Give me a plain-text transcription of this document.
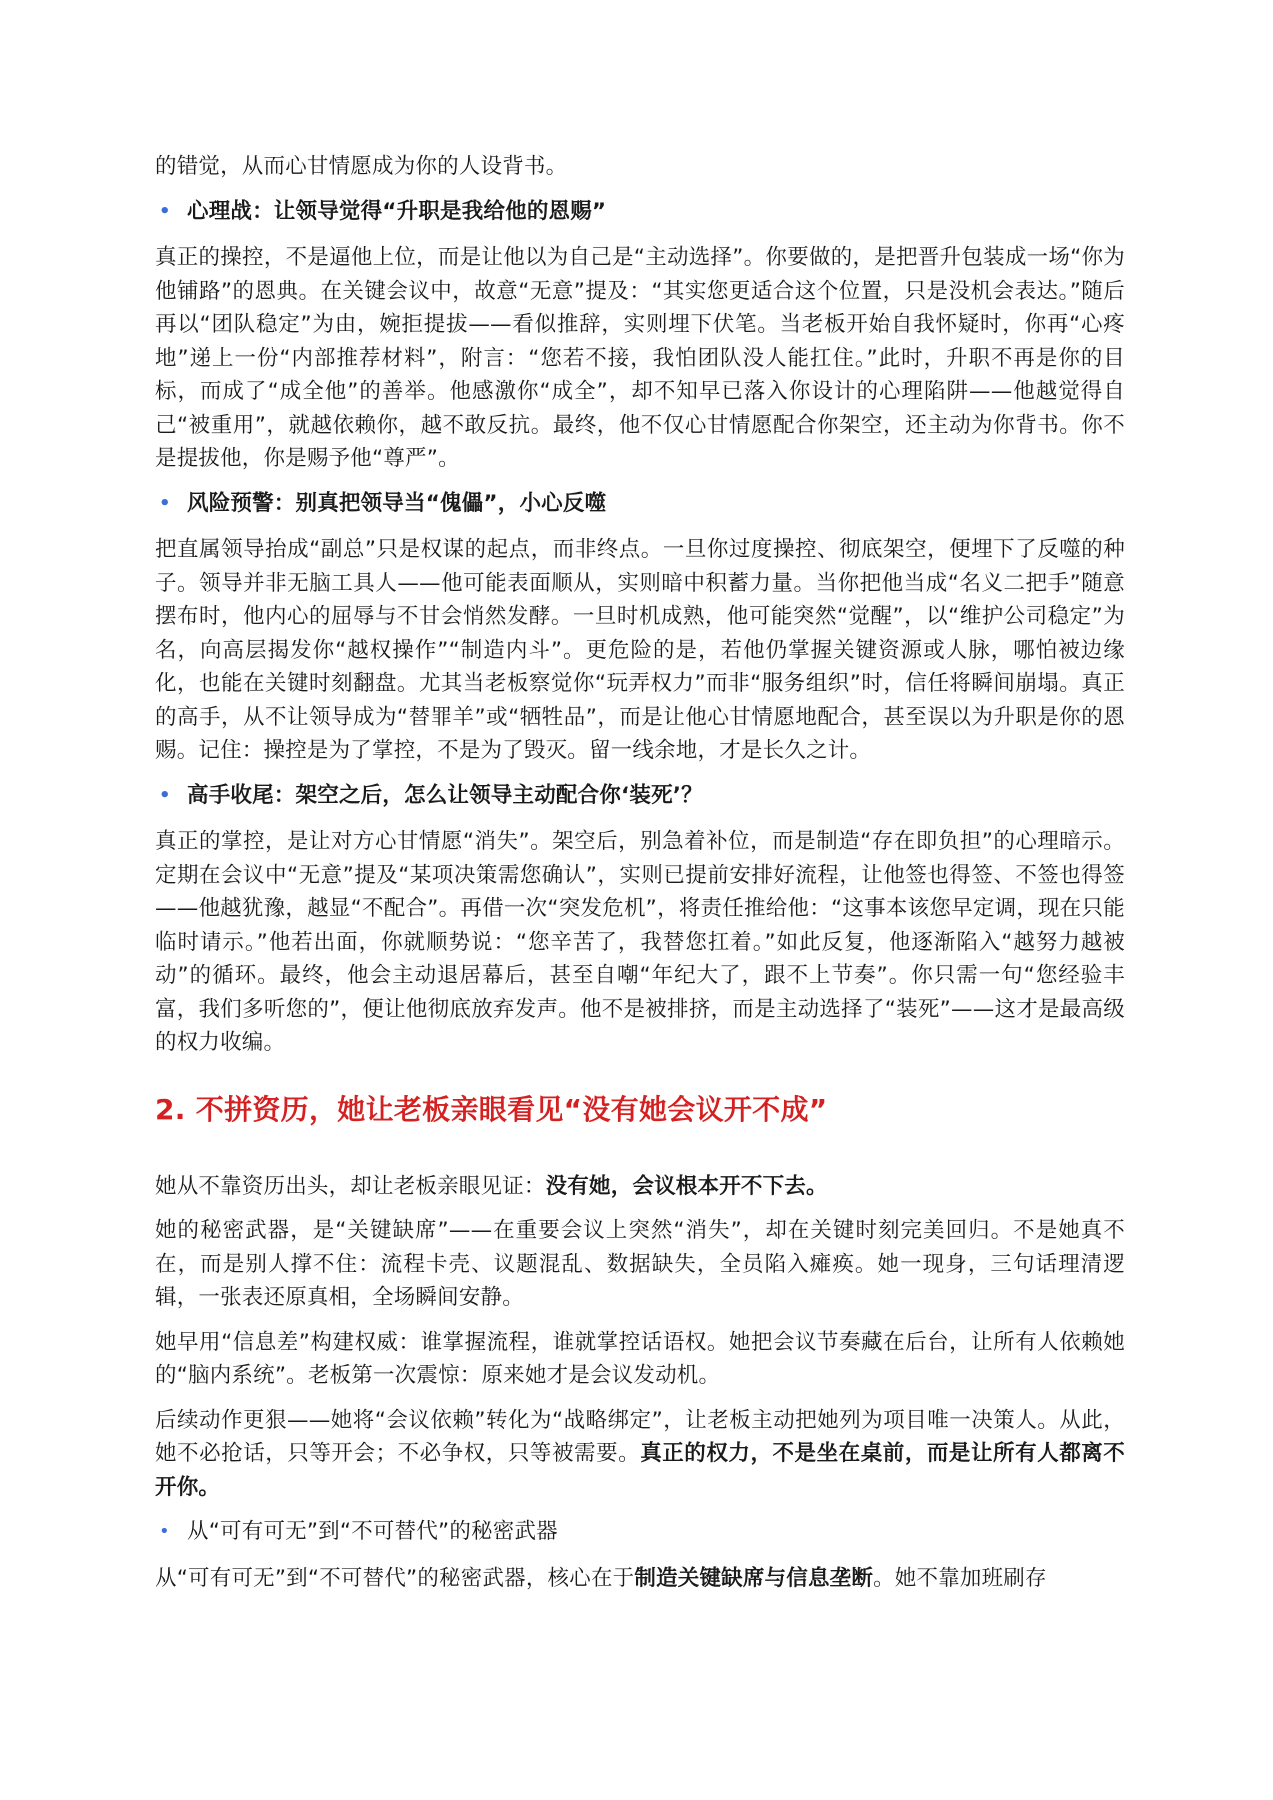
的错觉，从而心甘情愿成为你的人设背书。

• 心理战：让领导觉得“升职是我给他的恩赐”

真正的操控，不是逼他上位，而是让他以为自己是“主动选择”。你要做的，是把晋升包装成一场“你为他铺路”的恩典。在关键会议中，故意“无意”提及：“其实您更适合这个位置，只是没机会表达。”随后再以“团队稳定”为由，婉拒提拔——看似推辞，实则埋下伏笔。当老板开始自我怀疑时，你再“心疼地”递上一份“内部推荐材料”，附言：“您若不接，我怕团队没人能扛住。”此时，升职不再是你的目标，而成了“成全他”的善举。他感激你“成全”，却不知早已落入你设计的心理陷阱——他越觉得自己“被重用”，就越依赖你，越不敢反抗。最终，他不仅心甘情愿配合你架空，还主动为你背书。你不是提拔他，你是赐予他“尊严”。

• 风险预警：别真把领导当“傀儡”，小心反噬

把直属领导抬成“副总”只是权谋的起点，而非终点。一旦你过度操控、彻底架空，便埋下了反噬的种子。领导并非无脑工具人——他可能表面顺从，实则暗中积蓄力量。当你把他当成“名义二把手”随意摆布时，他内心的屈辱与不甘会悄然发酵。一旦时机成熟，他可能突然“觉醒”，以“维护公司稳定”为名，向高层揭发你“越权操作”“制造内斗”。更危险的是，若他仍掌握关键资源或人脉，哪怕被边缘化，也能在关键时刻翻盘。尤其当老板察觉你“玩弄权力”而非“服务组织”时，信任将瞬间崩塌。真正的高手，从不让领导成为“替罪羊”或“牺牲品”，而是让他心甘情愿地配合，甚至误以为升职是你的恩赐。记住：操控是为了掌控，不是为了毁灭。留一线余地，才是长久之计。

• 高手收尾：架空之后，怎么让领导主动配合你‘装死’？

真正的掌控，是让对方心甘情愿“消失”。架空后，别急着补位，而是制造“存在即负担”的心理暗示。定期在会议中“无意”提及“某项决策需您确认”，实则已提前安排好流程，让他签也得签、不签也得签——他越犹豫，越显“不配合”。再借一次“突发危机”，将责任推给他：“这事本该您早定调，现在只能临时请示。”他若出面，你就顺势说：“您辛苦了，我替您扛着。”如此反复，他逐渐陷入“越努力越被动”的循环。最终，他会主动退居幕后，甚至自嘲“年纪大了，跟不上节奏”。你只需一句“您经验丰富，我们多听您的”，便让他彻底放弃发声。他不是被排挤，而是主动选择了“装死”——这才是最高级的权力收编。

2. 不拼资历，她让老板亲眼看见“没有她会议开不成”

她从不靠资历出头，却让老板亲眼见证：没有她，会议根本开不下去。

她的秘密武器，是“关键缺席”——在重要会议上突然“消失”，却在关键时刻完美回归。不是她真不在，而是别人撑不住：流程卡壳、议题混乱、数据缺失，全员陷入瘫痪。她一现身，三句话理清逻辑，一张表还原真相，全场瞬间安静。

她早用“信息差”构建权威：谁掌握流程，谁就掌控话语权。她把会议节奏藏在后台，让所有人依赖她的“脑内系统”。老板第一次震惊：原来她才是会议发动机。

后续动作更狠——她将“会议依赖”转化为“战略绑定”，让老板主动把她列为项目唯一决策人。从此，她不必抢话，只等开会；不必争权，只等被需要。真正的权力，不是坐在桌前，而是让所有人都离不开你。

• 从“可有可无”到“不可替代”的秘密武器

从“可有可无”到“不可替代”的秘密武器，核心在于制造关键缺席与信息垄断。她不靠加班刷存
